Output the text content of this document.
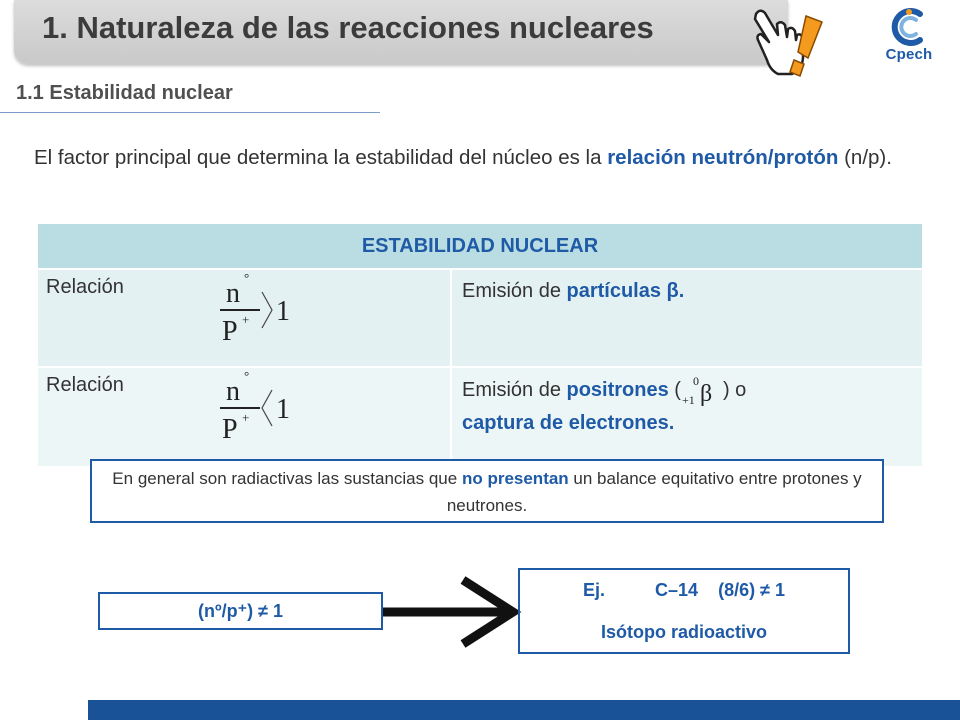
1. Naturaleza de las reacciones nucleares
Cpech
1.1 Estabilidad nuclear
El factor principal que determina la estabilidad del núcleo es la relación neutrón/protón (n/p).
ESTABILIDAD NUCLEAR
Relación	n
°
P + 1
Emisión de partículas β.
Relación	n
°
P + 1
Emisión de positrones ( 0
+1 β ) o
captura de electrones.
En general son radiactivas las sustancias que no presentan un balance equitativo entre protones y neutrones.
(nº/p⁺) ≠ 1
Ej.          C–14    (8/6) ≠ 1
Isótopo radioactivo
